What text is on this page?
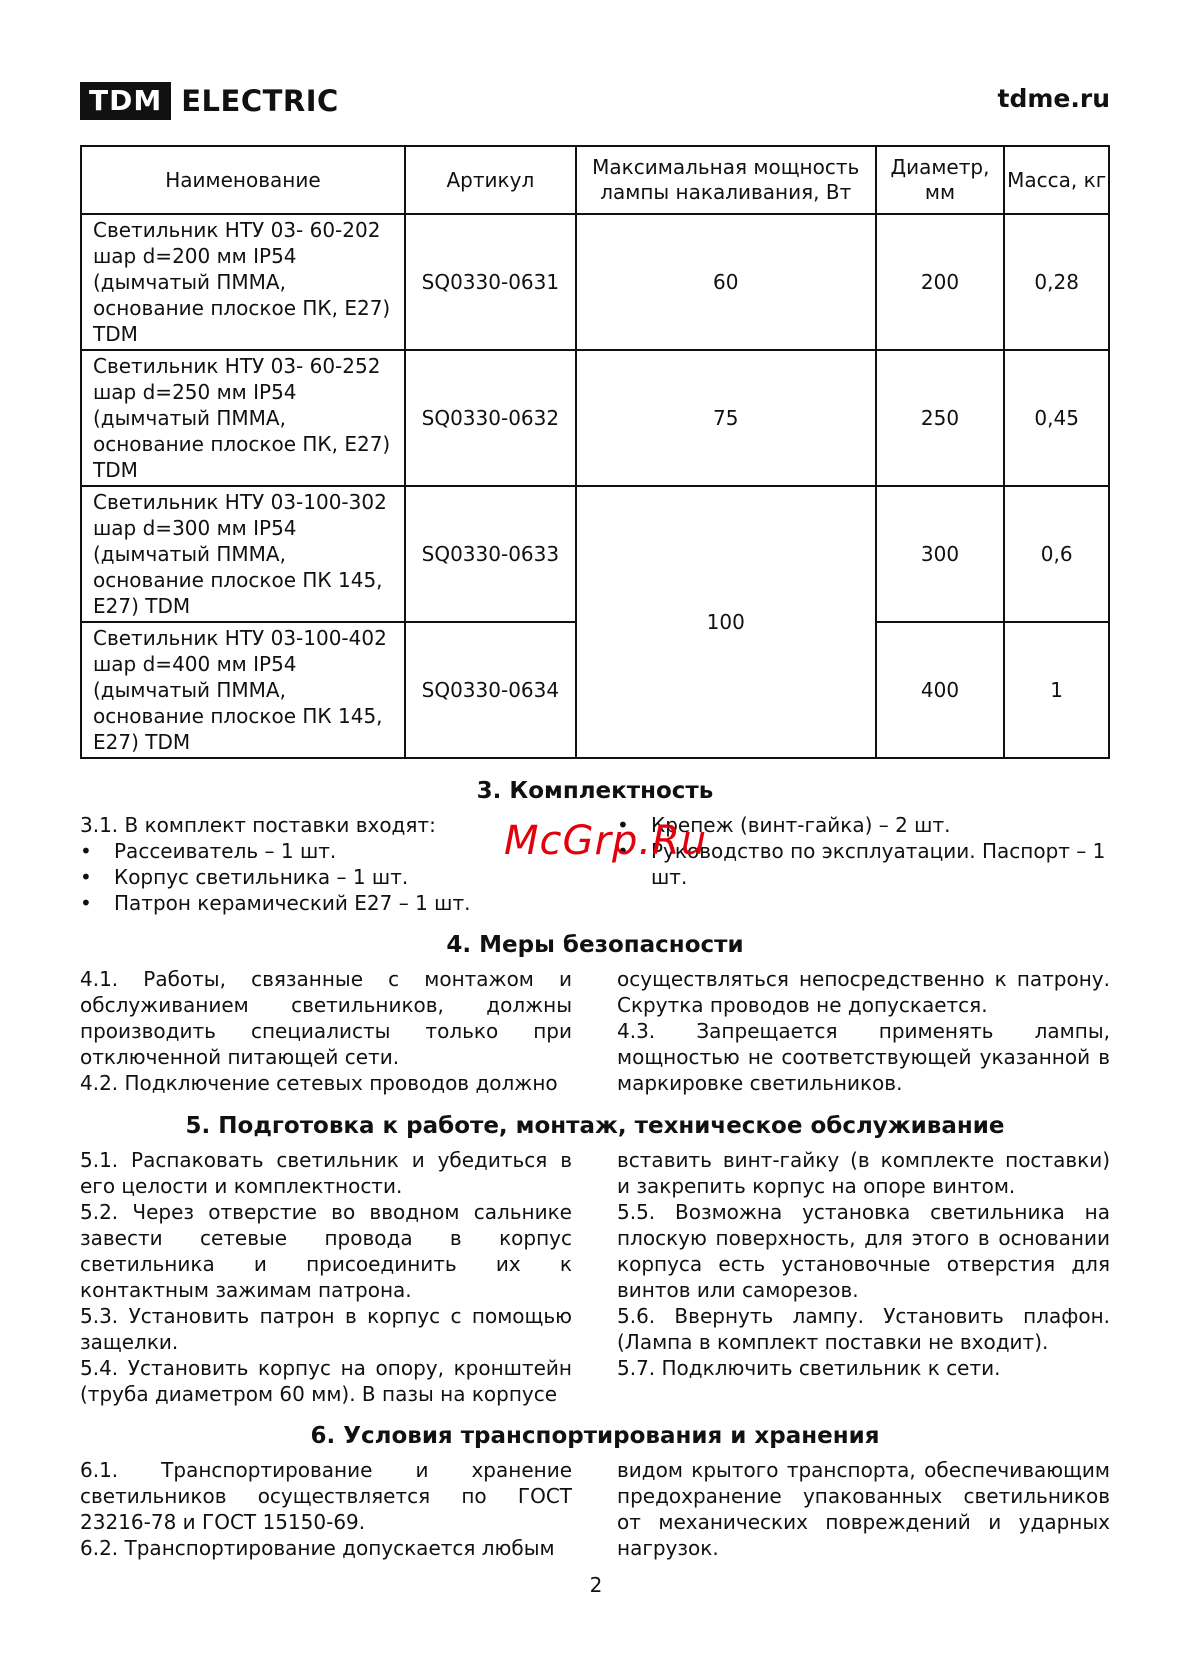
TDM ELECTRIC	tdme.ru
Наименование	Артикул	Максимальная мощность лампы накаливания, Вт	Диаметр, мм	Масса, кг
Светильник НТУ 03- 60-202 шар d=200 мм IP54 (дымчатый ПММА, основание плоское ПК, Е27) TDM	SQ0330-0631	60	200	0,28
Светильник НТУ 03- 60-252 шар d=250 мм IP54 (дымчатый ПММА, основание плоское ПК, Е27) TDM	SQ0330-0632	75	250	0,45
Светильник НТУ 03-100-302 шар d=300 мм IP54 (дымчатый ПММА, основание плоское ПК 145, Е27) TDM	SQ0330-0633	100	300	0,6
Светильник НТУ 03-100-402 шар d=400 мм IP54 (дымчатый ПММА, основание плоское ПК 145, Е27) TDM	SQ0330-0634		400	1
3. Комплектность

3.1. В комплект поставки входят:

• Рассеиватель – 1 шт.

• Корпус светильника – 1 шт.

• Патрон керамический Е27 – 1 шт.

• Крепеж (винт-гайка) – 2 шт.

• Руководство по эксплуатации. Паспорт – 1 шт.

McGrp.Ru
4. Меры безопасности

4.1. Работы, связанные с монтажом и обслуживанием светильников, должны производить специалисты только при отключенной питающей сети.

4.2. Подключение сетевых проводов должно

осуществляться непосредственно к патрону. Скрутка проводов не допускается.

4.3. Запрещается применять лампы, мощностью не соответствующей указанной в маркировке светильников.

5. Подготовка к работе, монтаж, техническое обслуживание

5.1. Распаковать светильник и убедиться в его целости и комплектности.

5.2. Через отверстие во вводном сальнике завести сетевые провода в корпус светильника и присоединить их к контактным зажимам патрона.

5.3. Установить патрон в корпус с помощью защелки.

5.4. Установить корпус на опору, кронштейн (труба диаметром 60 мм). В пазы на корпусе

вставить винт-гайку (в комплекте поставки) и закрепить корпус на опоре винтом.

5.5. Возможна установка светильника на плоскую поверхность, для этого в основании корпуса есть установочные отверстия для винтов или саморезов.

5.6. Ввернуть лампу. Установить плафон. (Лампа в комплект поставки не входит).

5.7. Подключить светильник к сети.

6. Условия транспортирования и хранения

6.1. Транспортирование и хранение светильников осуществляется по ГОСТ 23216-78 и ГОСТ 15150-69.

6.2. Транспортирование допускается любым

видом крытого транспорта, обеспечивающим предохранение упакованных светильников от механических повреждений и ударных нагрузок.

2
